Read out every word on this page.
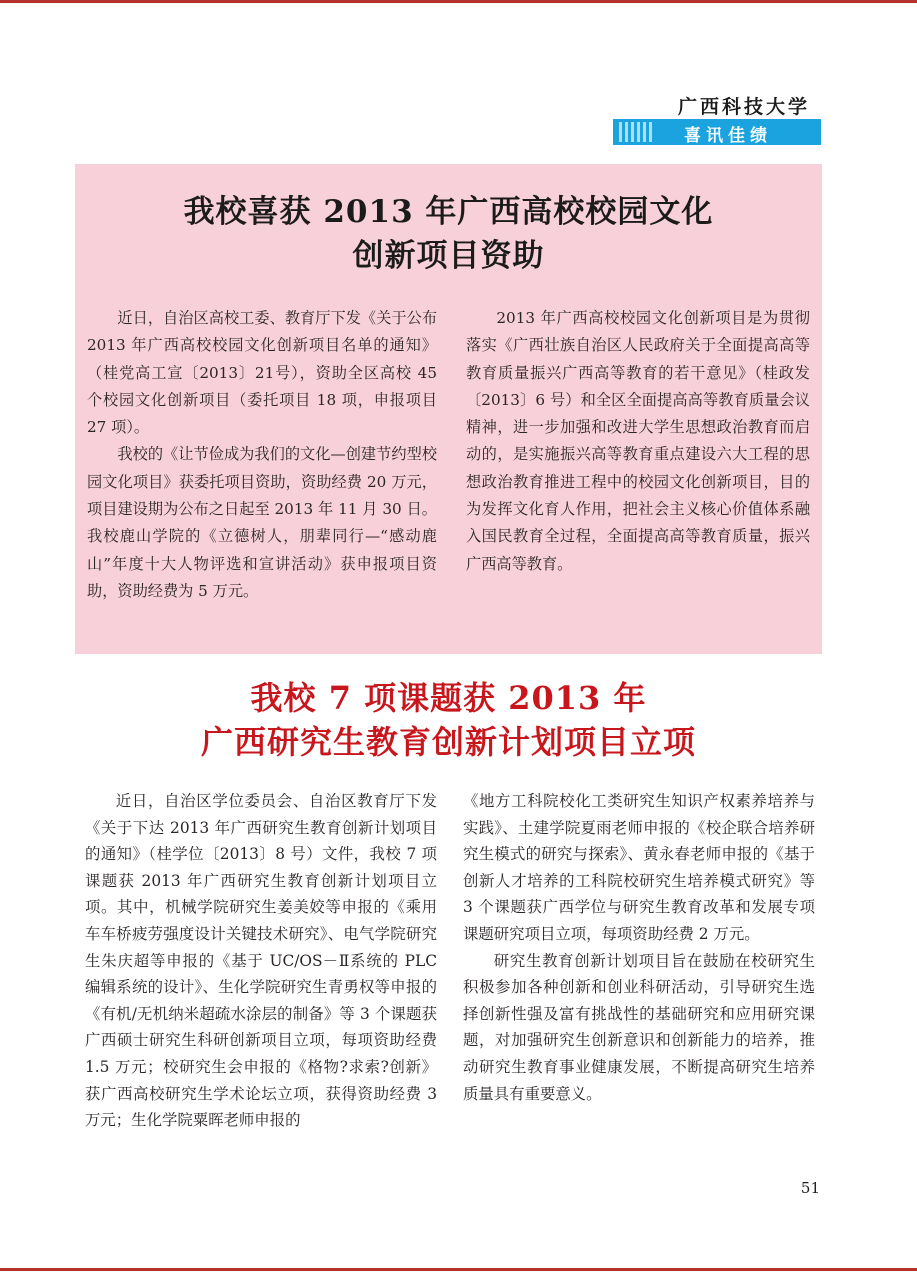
广西科技大学
喜讯佳绩
我校喜获 2013 年广西高校校园文化
创新项目资助

近日，自治区高校工委、教育厅下发《关于公布 2013 年广西高校校园文化创新项目名单的通知》（桂党高工宣〔2013〕21号），资助全区高校 45 个校园文化创新项目（委托项目 18 项，申报项目 27 项）。

我校的《让节俭成为我们的文化—创建节约型校园文化项目》获委托项目资助，资助经费 20 万元，项目建设期为公布之日起至 2013 年 11 月 30 日。我校鹿山学院的《立德树人，朋辈同行—“感动鹿山”年度十大人物评选和宣讲活动》获申报项目资助，资助经费为 5 万元。

2013 年广西高校校园文化创新项目是为贯彻落实《广西壮族自治区人民政府关于全面提高高等教育质量振兴广西高等教育的若干意见》（桂政发〔2013〕6 号）和全区全面提高高等教育质量会议精神，进一步加强和改进大学生思想政治教育而启动的，是实施振兴高等教育重点建设六大工程的思想政治教育推进工程中的校园文化创新项目，目的为发挥文化育人作用，把社会主义核心价值体系融入国民教育全过程，全面提高高等教育质量，振兴广西高等教育。

我校 7 项课题获 2013 年
广西研究生教育创新计划项目立项

近日，自治区学位委员会、自治区教育厅下发《关于下达 2013 年广西研究生教育创新计划项目的通知》（桂学位〔2013〕8 号）文件，我校 7 项课题获 2013 年广西研究生教育创新计划项目立项。其中，机械学院研究生姜美姣等申报的《乘用车车桥疲劳强度设计关键技术研究》、电气学院研究生朱庆超等申报的《基于 UC/OS－Ⅱ系统的 PLC 编辑系统的设计》、生化学院研究生青勇权等申报的《有机/无机纳米超疏水涂层的制备》等 3 个课题获广西硕士研究生科研创新项目立项，每项资助经费 1.5 万元；校研究生会申报的《格物?求索?创新》获广西高校研究生学术论坛立项，获得资助经费 3 万元；生化学院粟晖老师申报的

《地方工科院校化工类研究生知识产权素养培养与实践》、土建学院夏雨老师申报的《校企联合培养研究生模式的研究与探索》、黄永春老师申报的《基于创新人才培养的工科院校研究生培养模式研究》等 3 个课题获广西学位与研究生教育改革和发展专项课题研究项目立项，每项资助经费 2 万元。

研究生教育创新计划项目旨在鼓励在校研究生积极参加各种创新和创业科研活动，引导研究生选择创新性强及富有挑战性的基础研究和应用研究课题，对加强研究生创新意识和创新能力的培养，推动研究生教育事业健康发展，不断提高研究生培养质量具有重要意义。

51
